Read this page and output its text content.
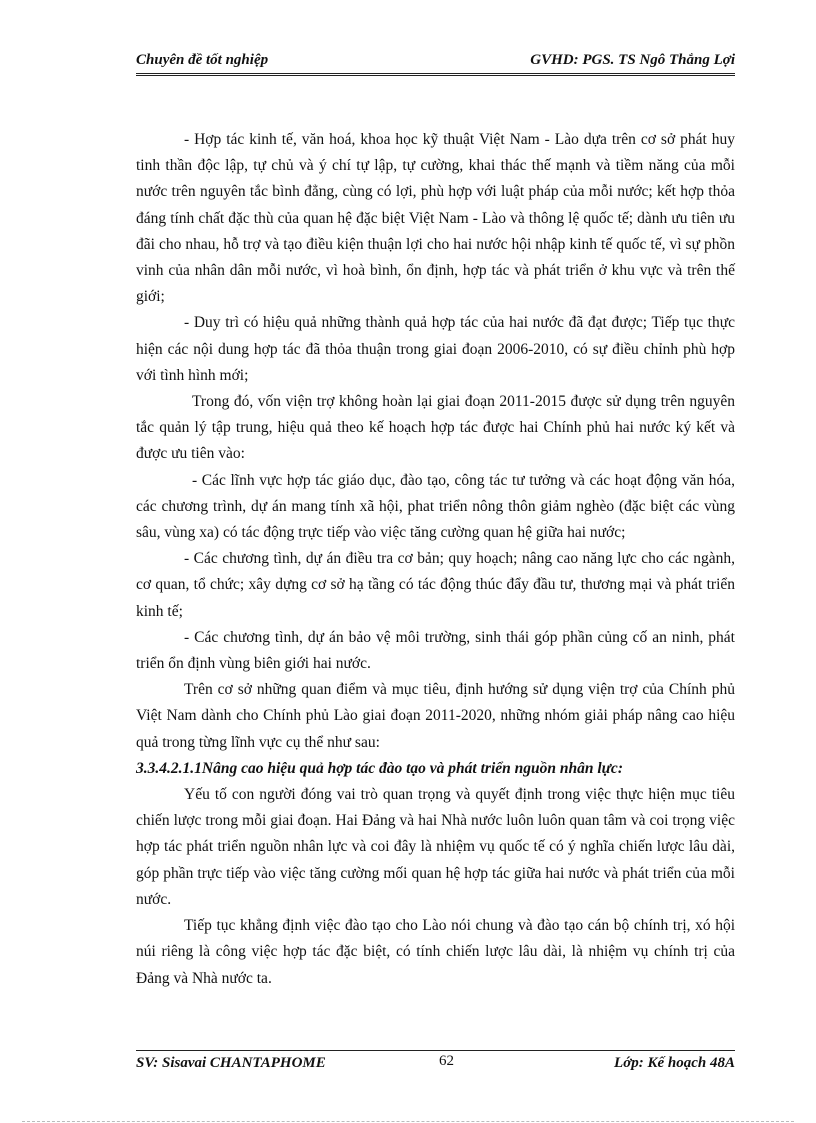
Chuyên đề tốt nghiệp	GVHD: PGS. TS Ngô Thắng Lợi

- Hợp tác kinh tế, văn hoá, khoa học kỹ thuật Việt Nam - Lào dựa trên cơ sở phát huy tinh thần độc lập, tự chủ và ý chí tự lập, tự cường, khai thác thế mạnh và tiềm năng của mỗi nước trên nguyên tắc bình đẳng, cùng có lợi, phù hợp với luật pháp của mỗi nước; kết hợp thỏa đáng tính chất đặc thù của quan hệ đặc biệt Việt Nam - Lào và thông lệ quốc tế; dành ưu tiên ưu đãi cho nhau, hỗ trợ và tạo điều kiện thuận lợi cho hai nước hội nhập kinh tế quốc tế, vì sự phồn vinh của nhân dân mỗi nước, vì hoà bình, ổn định, hợp tác và phát triển ở khu vực và trên thế giới;

- Duy trì có hiệu quả những thành quả hợp tác của hai nước đã đạt được; Tiếp tục thực hiện các nội dung hợp tác đã thỏa thuận trong giai đoạn 2006-2010, có sự điều chỉnh phù hợp với tình hình mới;

Trong đó, vốn viện trợ không hoàn lại giai đoạn 2011-2015 được sử dụng trên nguyên tắc quản lý tập trung, hiệu quả theo kế hoạch hợp tác được hai Chính phủ hai nước ký kết và được ưu tiên vào:

- Các lĩnh vực hợp tác giáo dục, đào tạo, công tác tư tưởng và các hoạt động văn hóa, các chương trình, dự án mang tính xã hội, phat triển nông thôn giảm nghèo (đặc biệt các vùng sâu, vùng xa) có tác động trực tiếp vào việc tăng cường quan hệ giữa hai nước;

- Các chương tình, dự án điều tra cơ bản; quy hoạch; nâng cao năng lực cho các ngành, cơ quan, tổ chức; xây dựng cơ sở hạ tầng có tác động thúc đẩy đầu tư, thương mại và phát triển kinh tế;

- Các chương tình, dự án bảo vệ môi trường, sinh thái góp phần củng cố an ninh, phát triển ổn định vùng biên giới hai nước.

Trên cơ sở những quan điểm và mục tiêu, định hướng sử dụng viện trợ của Chính phủ Việt Nam dành cho Chính phủ Lào giai đoạn 2011-2020, những nhóm giải pháp nâng cao hiệu quả trong từng lĩnh vực cụ thể như sau:

3.3.4.2.1.1Nâng cao hiệu quả hợp tác đào tạo và phát triển nguồn nhân lực:

Yếu tố con người đóng vai trò quan trọng và quyết định trong việc thực hiện mục tiêu chiến lược trong mỗi giai đoạn. Hai Đảng và hai Nhà nước luôn luôn quan tâm và coi trọng việc hợp tác phát triển nguồn nhân lực và coi đây là nhiệm vụ quốc tế có ý nghĩa chiến lược lâu dài, góp phần trực tiếp vào việc tăng cường mối quan hệ hợp tác giữa hai nước và phát triển của mỗi nước.

Tiếp tục khẳng định việc đào tạo cho Lào nói chung và đào tạo cán bộ chính trị, xó hội núi riêng là công việc hợp tác đặc biệt, có tính chiến lược lâu dài, là nhiệm vụ chính trị của Đảng và Nhà nước ta.

SV: Sisavai CHANTAPHOME	62	Lớp: Kế hoạch 48A
